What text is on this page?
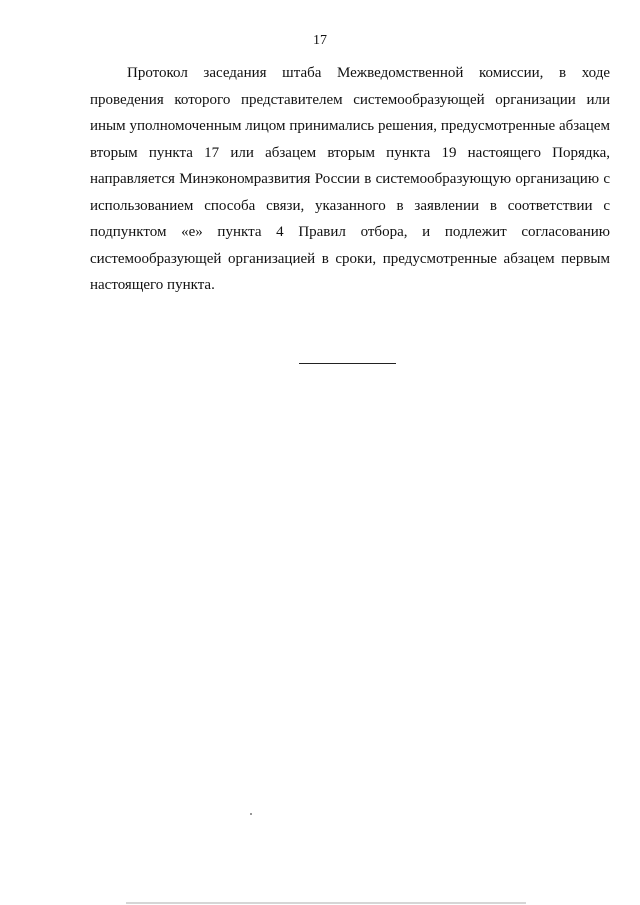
17
Протокол заседания штаба Межведомственной комиссии, в ходе
проведения которого представителем системообразующей организации или
иным уполномоченным лицом принимались решения, предусмотренные абзацем
вторым пункта 17 или абзацем вторым пункта 19 настоящего Порядка,
направляется Минэкономразвития России в системообразующую организацию с
использованием способа связи, указанного в заявлении в соответствии с
подпунктом «е» пункта 4 Правил отбора, и подлежит согласованию
системообразующей организацией в сроки, предусмотренные абзацем первым
настоящего пункта.
